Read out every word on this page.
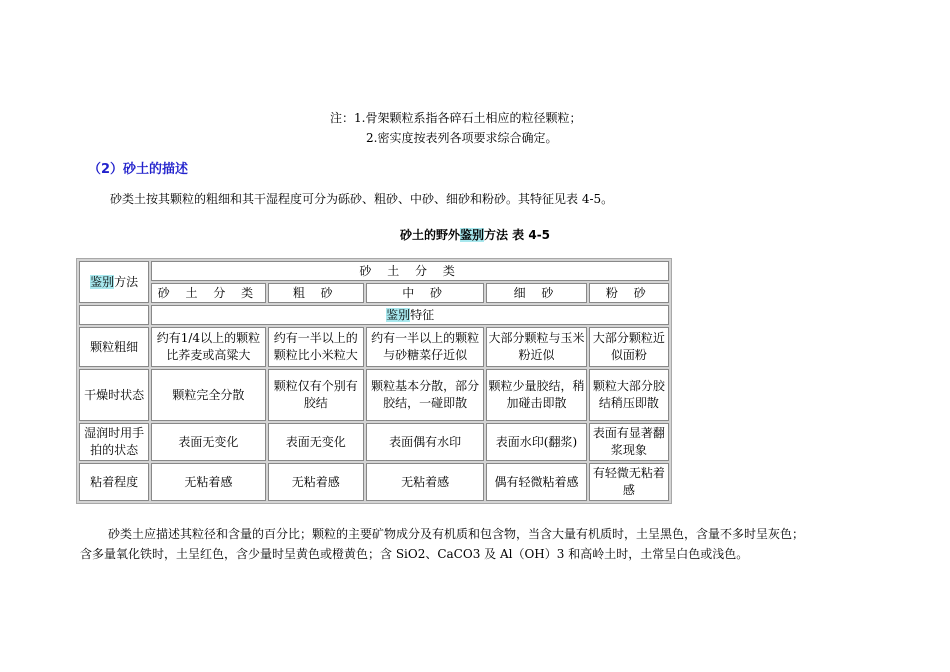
注：1.骨架颗粒系指各碎石土相应的粒径颗粒；
2.密实度按表列各项要求综合确定。
（2）砂土的描述
砂类土按其颗粒的粗细和其干湿程度可分为砾砂、粗砂、中砂、细砂和粉砂。其特征见表 4-5。
砂土的野外鉴别方法 表 4-5
鉴别方法	砂 土 分 类				
	砂 土 分 类	粗 砂	中 砂	细 砂	粉 砂
	鉴别特征				
颗粒粗细	约有1/4以上的颗粒比荞麦或高粱大	约有一半以上的颗粒比小米粒大	约有一半以上的颗粒与砂糖菜仔近似	大部分颗粒与玉米粉近似	大部分颗粒近似面粉
干燥时状态	颗粒完全分散	颗粒仅有个别有胶结	颗粒基本分散，部分胶结，一碰即散	颗粒少量胶结，稍加碰击即散	颗粒大部分胶结稍压即散
湿润时用手拍的状态	表面无变化	表面无变化	表面偶有水印	表面水印(翻浆)	表面有显著翻浆现象
粘着程度	无粘着感	无粘着感	无粘着感	偶有轻微粘着感	有轻微无粘着感
砂类土应描述其粒径和含量的百分比；颗粒的主要矿物成分及有机质和包含物，当含大量有机质时，土呈黑色，含量不多时呈灰色；
含多量氧化铁时，土呈红色，含少量时呈黄色或橙黄色；含 SiO2、CaCO3 及 Al（OH）3 和高岭土时，土常呈白色或浅色。
